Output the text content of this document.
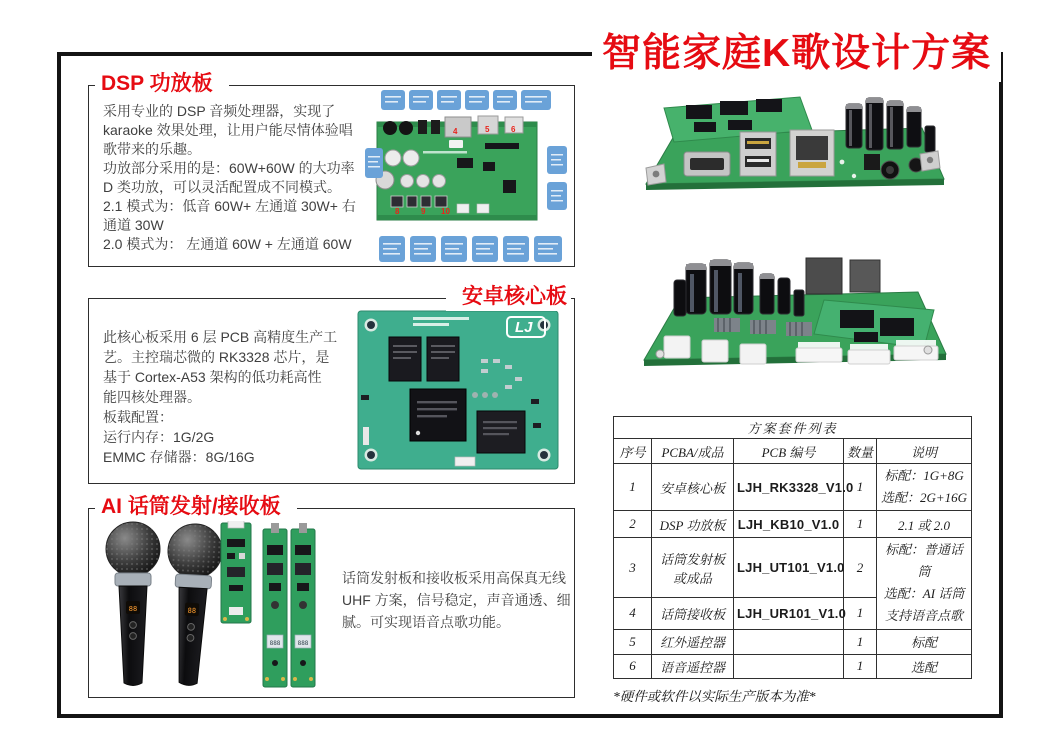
智能家庭K歌设计方案
DSP 功放板
采用专业的 DSP 音频处理器，实现了
karaoke 效果处理，让用户能尽情体验唱
歌带来的乐趣。
功放部分采用的是：60W+60W 的大功率
D 类功放，可以灵活配置成不同模式。
2.1 模式为：低音 60W+ 左通道 30W+ 右
通道 30W
2.0 模式为： 左通道 60W + 左通道 60W
4	5	6
8	9 10
安卓核心板
此核心板采用 6 层 PCB 高精度生产工
艺。主控瑞芯微的 RK3328 芯片，是
基于 Cortex-A53 架构的低功耗高性
能四核处理器。
板载配置：
运行内存：1G/2G
EMMC 存储器：8G/16G
LJ
AI 话筒发射/接收板
88	88
888	888
话筒发射板和接收板采用高保真无线
UHF 方案，信号稳定，声音通透、细
腻。可实现语音点歌功能。
方案套件列表				
序号	PCBA/成品	PCB 编号	数量	说明
1	安卓核心板	LJH_RK3328_V1.0	1	标配：1G+8G
选配：2G+16G

2	DSP 功放板	LJH_KB10_V1.0	1	2.1 或 2.0
3	话筒发射板或成品	LJH_UT101_V1.0	2	标配：普通话筒
选配：AI 话筒
支持语音点歌

4	话筒接收板	LJH_UR101_V1.0	1	
5	红外遥控器		1	标配
6	语音遥控器		1	选配
*硬件或软件以实际生产版本为准*
